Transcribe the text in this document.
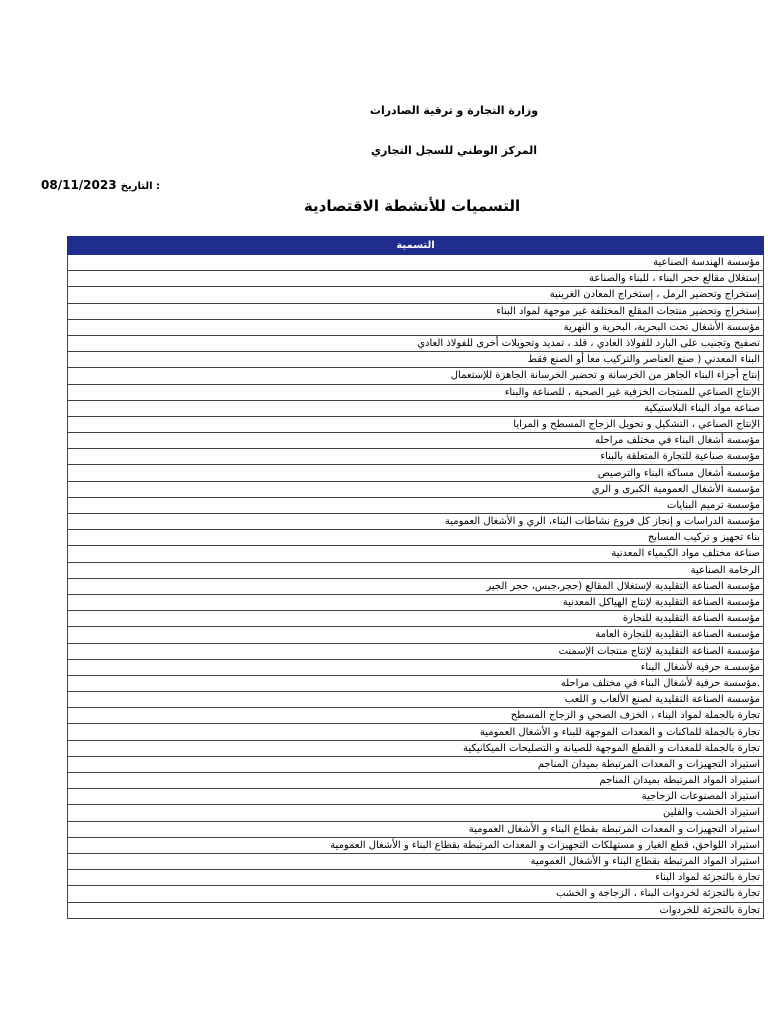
وزارة التجارة و ترقية الصادرات
المركز الوطني للسجل التجاري
08/11/2023 التاريخ :
التسميات للأنشطة الاقتصادية
التسمية
مؤسسة الهندسة الصناعية
إستغلال مقالع حجر البناء ، للبناء والصناعة
إستخراج وتحضير الرمل ، إستخراج المعادن الغرينية
إستخراج وتحضير منتجات المقلع المختلفة غير موجهة لمواد البناء
مؤسسة الأشغال تحت البحرية، البحرية و النهرية
تصفيح وتجنيب على البارد للفولاذ العادي ، قلد ، تمديد وتحويلات أخرى للفولاذ العادي
البناء المعدني ( صنع العناصر والتركيب معا أو الصنع فقط
إنتاج أجزاء البناء الجاهز من الخرسانة و تحضير الخرسانة الجاهزة للإستعمال
الإنتاج الصناعي للمنتجات الخزفية غير الصحية ، للصناعة والبناء
صناعة مواد البناء البلاستيكية
الإنتاج الصناعي ، التشكيل و تحويل الزجاج المسطح و المرايا
مؤسسة أشغال البناء في مختلف مراحله
مؤسسة صناعية للتجارة المتعلقة بالبناء
مؤسسة أشغال مساكة البناء والترصيص
مؤسسة الأشغال العمومية الكبرى و الري
مؤسسة ترميم البنايات
مؤسسة الدراسات و إنجاز كل فروع نشاطات البناء، الري و الأشغال العمومية
بناء تجهيز و تركيب المسابح
صناعة مختلف مواد الكيمياء المعدنية
الرخامة الصناعية
مؤسسة الصناعة التقليدية لإستغلال المقالع (حجر،جبس، حجر الجير
مؤسسة الصناعة التقليدية لإنتاج الهياكل المعدنية
مؤسسة الصناعة التقليدية للنجارة
مؤسسة الصناعة التقليدية للنجارة العامة
مؤسسة الصناعة التقليدية لإنتاج منتجات الإسمنت
مؤسسـة حرفية لأشغال البناء
.مؤسسة حرفية لأشغال البناء في مختلف مراحله
مؤسسة الصناعة التقليدية لصنع الألعاب و اللعب
تجارة بالجملة لمواد البناء ، الخزف الصحي و الزجاج المسطح
تجارة بالجملة للماكنات و المعدات الموجهة للبناء و الأشغال العمومية
تجارة بالجملة للمعدات و القطع الموجهة للصيانة و التصليحات الميكانيكية
استيراد التجهيزات و المعدات المرتبطة بميدان المناجم
استيراد المواد المرتبطة بميدان المناجم
استيراد المصنوعات الزجاجية
استيراد الخشب والفلين
استيراد التجهيزات و المعدات المرتبطة بقطاع البناء و الأشغال العمومية
استيراد اللواحق، قطع الغيار و مستهلكات التجهيزات و المعدات المرتبطة بقطاع البناء و الأشغال العمومية
استيراد المواد المرتبطة بقطاع البناء و الأشغال العمومية
تجارة بالتجزئة لمواد البناء
تجارة بالتجزئة لخردوات البناء ، الزجاجة و الخشب
تجارة بالتجزئة للخردوات
